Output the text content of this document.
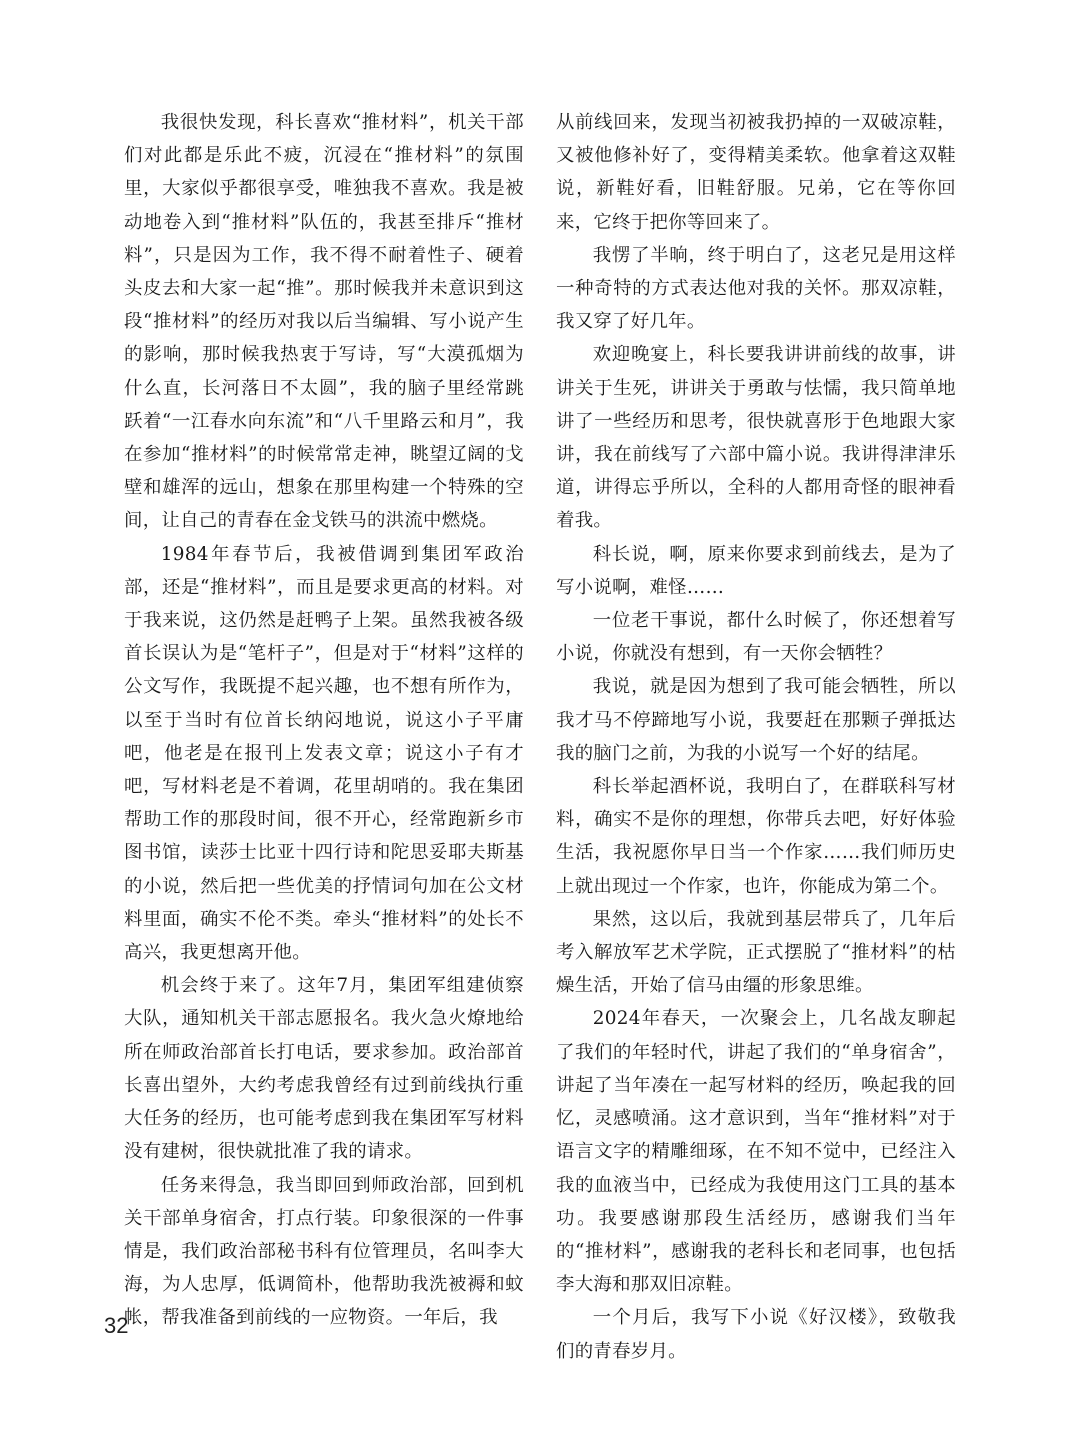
我很快发现，科长喜欢“推材料”，机关干部们对此都是乐此不疲，沉浸在“推材料”的氛围里，大家似乎都很享受，唯独我不喜欢。我是被动地卷入到“推材料”队伍的，我甚至排斥“推材料”，只是因为工作，我不得不耐着性子、硬着头皮去和大家一起“推”。那时候我并未意识到这段“推材料”的经历对我以后当编辑、写小说产生的影响，那时候我热衷于写诗，写“大漠孤烟为什么直，长河落日不太圆”，我的脑子里经常跳跃着“一江春水向东流”和“八千里路云和月”，我在参加“推材料”的时候常常走神，眺望辽阔的戈壁和雄浑的远山，想象在那里构建一个特殊的空间，让自己的青春在金戈铁马的洪流中燃烧。

1984年春节后，我被借调到集团军政治部，还是“推材料”，而且是要求更高的材料。对于我来说，这仍然是赶鸭子上架。虽然我被各级首长误认为是“笔杆子”，但是对于“材料”这样的公文写作，我既提不起兴趣，也不想有所作为，以至于当时有位首长纳闷地说，说这小子平庸吧，他老是在报刊上发表文章；说这小子有才吧，写材料老是不着调，花里胡哨的。我在集团帮助工作的那段时间，很不开心，经常跑新乡市图书馆，读莎士比亚十四行诗和陀思妥耶夫斯基的小说，然后把一些优美的抒情词句加在公文材料里面，确实不伦不类。牵头“推材料”的处长不高兴，我更想离开他。

机会终于来了。这年7月，集团军组建侦察大队，通知机关干部志愿报名。我火急火燎地给所在师政治部首长打电话，要求参加。政治部首长喜出望外，大约考虑我曾经有过到前线执行重大任务的经历，也可能考虑到我在集团军写材料没有建树，很快就批准了我的请求。

任务来得急，我当即回到师政治部，回到机关干部单身宿舍，打点行装。印象很深的一件事情是，我们政治部秘书科有位管理员，名叫李大海，为人忠厚，低调简朴，他帮助我洗被褥和蚊帐，帮我准备到前线的一应物资。一年后，我

从前线回来，发现当初被我扔掉的一双破凉鞋，又被他修补好了，变得精美柔软。他拿着这双鞋说，新鞋好看，旧鞋舒服。兄弟，它在等你回来，它终于把你等回来了。

我愣了半晌，终于明白了，这老兄是用这样一种奇特的方式表达他对我的关怀。那双凉鞋，我又穿了好几年。

欢迎晚宴上，科长要我讲讲前线的故事，讲讲关于生死，讲讲关于勇敢与怯懦，我只简单地讲了一些经历和思考，很快就喜形于色地跟大家讲，我在前线写了六部中篇小说。我讲得津津乐道，讲得忘乎所以，全科的人都用奇怪的眼神看着我。

科长说，啊，原来你要求到前线去，是为了写小说啊，难怪……

一位老干事说，都什么时候了，你还想着写小说，你就没有想到，有一天你会牺牲？

我说，就是因为想到了我可能会牺牲，所以我才马不停蹄地写小说，我要赶在那颗子弹抵达我的脑门之前，为我的小说写一个好的结尾。

科长举起酒杯说，我明白了，在群联科写材料，确实不是你的理想，你带兵去吧，好好体验生活，我祝愿你早日当一个作家……我们师历史上就出现过一个作家，也许，你能成为第二个。

果然，这以后，我就到基层带兵了，几年后考入解放军艺术学院，正式摆脱了“推材料”的枯燥生活，开始了信马由缰的形象思维。

2024年春天，一次聚会上，几名战友聊起了我们的年轻时代，讲起了我们的“单身宿舍”，讲起了当年凑在一起写材料的经历，唤起我的回忆，灵感喷涌。这才意识到，当年“推材料”对于语言文字的精雕细琢，在不知不觉中，已经注入我的血液当中，已经成为我使用这门工具的基本功。我要感谢那段生活经历，感谢我们当年的“推材料”，感谢我的老科长和老同事，也包括李大海和那双旧凉鞋。

一个月后，我写下小说《好汉楼》，致敬我们的青春岁月。

32
